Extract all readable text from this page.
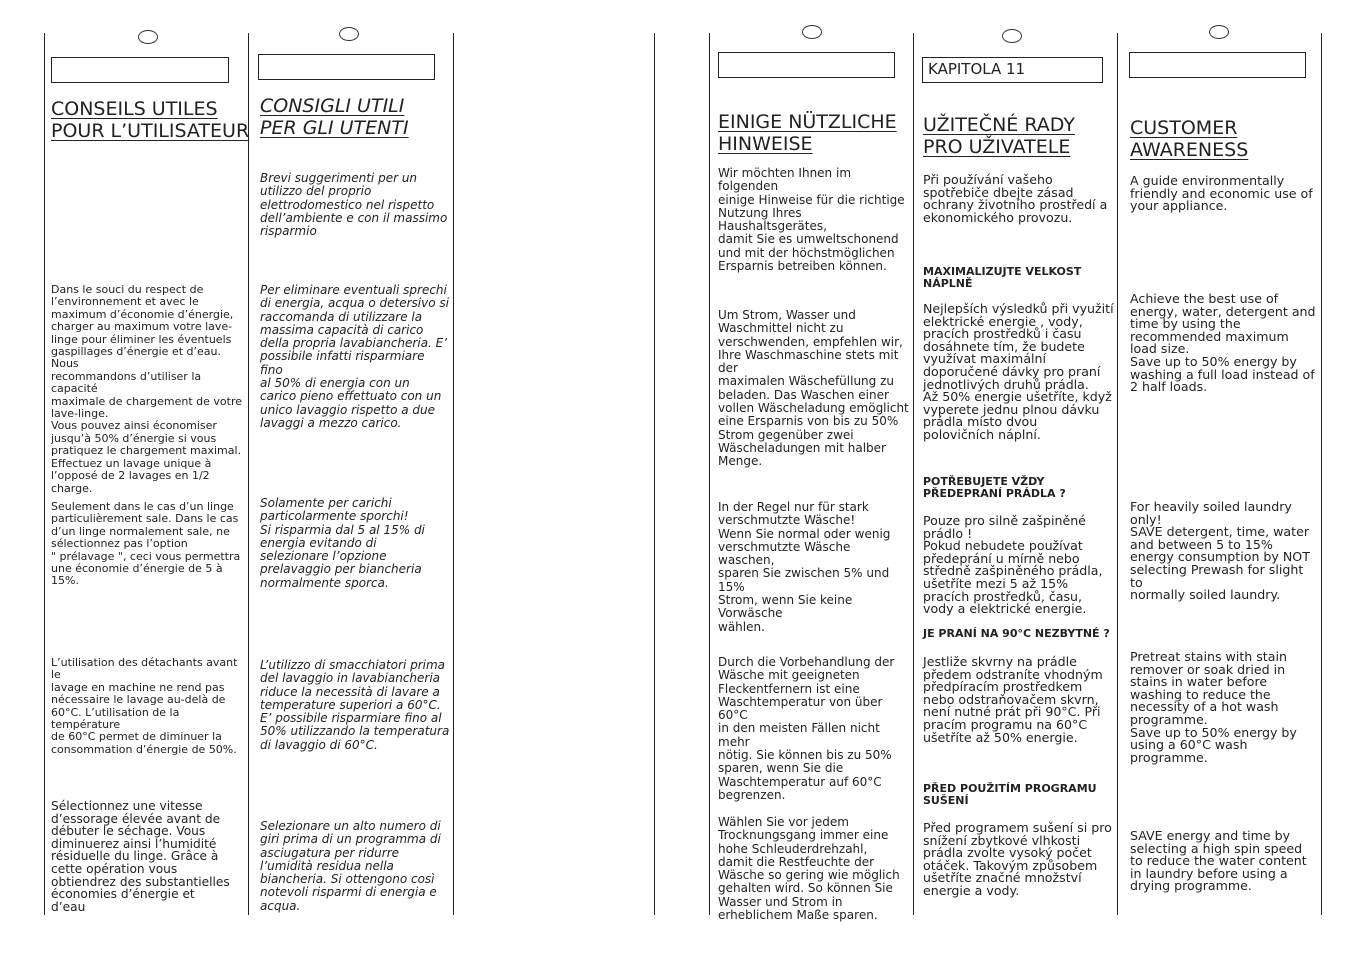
KAPITOLA 11
CONSEILS UTILES
POUR L’UTILISATEUR
Dans le souci du respect de
l’environnement et avec le
maximum d’économie d’énergie,
charger au maximum votre lave-
linge pour éliminer les éventuels
gaspillages d’énergie et d’eau. Nous
recommandons d’utiliser la capacité
maximale de chargement de votre
lave-linge.
Vous pouvez ainsi économiser
jusqu’à 50% d’énergie si vous
pratiquez le chargement maximal.
Effectuez un lavage unique à
l’opposé de 2 lavages en 1/2
charge.
Seulement dans le cas d’un linge
particulièrement sale. Dans le cas
d’un linge normalement sale, ne
sélectionnez pas l’option
" prélavage ", ceci vous permettra
une économie d’énergie de 5 à
15%.
L’utilisation des détachants avant le
lavage en machine ne rend pas
nécessaire le lavage au-delà de
60°C. L’utilisation de la température
de 60°C permet de diminuer la
consommation d’énergie de 50%.
Sélectionnez une vitesse
d’essorage élevée avant de
débuter le séchage. Vous
diminuerez ainsi l’humidité
résiduelle du linge. Grâce à
cette opération vous
obtiendrez des substantielles
économies d’énergie et
d’eau
CONSIGLI UTILI
PER GLI UTENTI
Brevi suggerimenti per un
utilizzo del proprio
elettrodomestico nel rispetto
dell’ambiente e con il massimo
risparmio
Per eliminare eventuali sprechi
di energia, acqua o detersivo si
raccomanda di utilizzare la
massima capacità di carico
della propria lavabiancheria. E’
possibile infatti risparmiare fino
al 50% di energia con un
carico pieno effettuato con un
unico lavaggio rispetto a due
lavaggi a mezzo carico.
Solamente per carichi
particolarmente sporchi!
Si risparmia dal 5 al 15% di
energia evitando di
selezionare l’opzione
prelavaggio per biancheria
normalmente sporca.
L’utilizzo di smacchiatori prima
del lavaggio in lavabiancheria
riduce la necessità di lavare a
temperature superiori a 60°C.
E’ possibile risparmiare fino al
50% utilizzando la temperatura
di lavaggio di 60°C.
Selezionare un alto numero di
giri prima di un programma di
asciugatura per ridurre
l’umidità residua nella
biancheria. Si ottengono così
notevoli risparmi di energia e
acqua.
EINIGE NÜTZLICHE
HINWEISE
Wir möchten Ihnen im folgenden
einige Hinweise für die richtige
Nutzung Ihres Haushaltsgerätes,
damit Sie es umweltschonend
und mit der höchstmöglichen
Ersparnis betreiben können.
Um Strom, Wasser und
Waschmittel nicht zu
verschwenden, empfehlen wir,
Ihre Waschmaschine stets mit der
maximalen Wäschefüllung zu
beladen. Das Waschen einer
vollen Wäscheladung emöglicht
eine Ersparnis von bis zu 50%
Strom gegenüber zwei
Wäscheladungen mit halber
Menge.
In der Regel nur für stark
verschmutzte Wäsche!
Wenn Sie normal oder wenig
verschmutzte Wäsche waschen,
sparen Sie zwischen 5% und 15%
Strom, wenn Sie keine Vorwäsche
wählen.
Durch die Vorbehandlung der
Wäsche mit geeigneten
Fleckentfernern ist eine
Waschtemperatur von über 60°C
in den meisten Fällen nicht mehr
nötig. Sie können bis zu 50%
sparen, wenn Sie die
Waschtemperatur auf 60°C
begrenzen.
Wählen Sie vor jedem
Trocknungsgang immer eine
hohe Schleuderdrehzahl,
damit die Restfeuchte der
Wäsche so gering wie möglich
gehalten wird. So können Sie
Wasser und Strom in
erheblichem Maße sparen.
UŽITEČNÉ RADY
PRO UŽIVATELE
Při používání vašeho
spotřebiče dbejte zásad
ochrany životního prostředí a
ekonomického provozu.
MAXIMALIZUJTE VELKOST
NÁPLNĚ
Nejlepších výsledků při využití
elektrické energie , vody,
pracích prostředků i času
dosáhnete tím, že budete
využívat maximální
doporučené dávky pro praní
jednotlivých druhů prádla.
Až 50% energie ušetříte, když
vyperete jednu plnou dávku
prádla místo dvou
polovičních náplní.
POTŘEBUJETE VŽDY
PŘEDEPRANÍ PRÁDLA ?
Pouze pro silně zašpiněné
prádlo !
Pokud nebudete používat
předeprání u mírně nebo
středně zašpiněného prádla,
ušetříte mezi 5 až 15%
pracích prostředků, času,
vody a elektrické energie.
JE PRANÍ NA 90°C NEZBYTNÉ ?
Jestliže skvrny na prádle
předem odstraníte vhodným
předpíracím prostředkem
nebo odstraňovačem skvrn,
není nutné prát při 90°C. Při
pracím programu na 60°C
ušetříte až 50% energie.
PŘED POUŽITÍM PROGRAMU
SUŠENÍ
Před programem sušení si pro
snížení zbytkové vlhkosti
prádla zvolte vysoký počet
otáček. Takovým způsobem
ušetříte značné množství
energie a vody.
CUSTOMER
AWARENESS
A guide environmentally
friendly and economic use of
your appliance.
Achieve the best use of
energy, water, detergent and
time by using the
recommended maximum
load size.
Save up to 50% energy by
washing a full load instead of
2 half loads.
For heavily soiled laundry
only!
SAVE detergent, time, water
and between 5 to 15%
energy consumption by NOT
selecting Prewash for slight to
normally soiled laundry.
Pretreat stains with stain
remover or soak dried in
stains in water before
washing to reduce the
necessity of a hot wash
programme.
Save up to 50% energy by
using a 60°C wash
programme.
SAVE energy and time by
selecting a high spin speed
to reduce the water content
in laundry before using a
drying programme.
